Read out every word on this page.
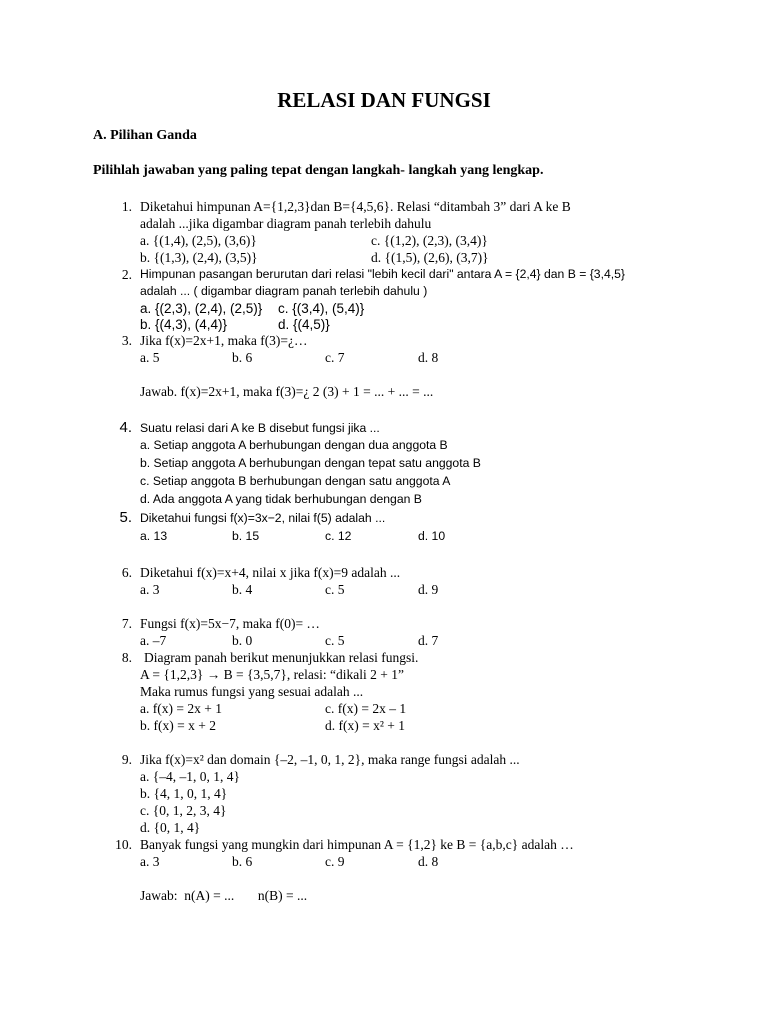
RELASI DAN FUNGSI
A. Pilihan Ganda
Pilihlah jawaban yang paling tepat dengan langkah- langkah yang lengkap.
1. Diketahui himpunan A={1,2,3}dan B={4,5,6}. Relasi “ditambah 3” dari A ke B
adalah ...jika digambar diagram panah terlebih dahulu
a. {(1,4), (2,5), (3,6)}	c. {(1,2), (2,3), (3,4)}
b. {(1,3), (2,4), (3,5)}	d. {(1,5), (2,6), (3,7)}
2. Himpunan pasangan berurutan dari relasi "lebih kecil dari" antara A = {2,4} dan B = {3,4,5}
adalah ... ( digambar diagram panah terlebih dahulu )
a. {(2,3), (2,4), (2,5)} c. {(3,4), (5,4)}
b. {(4,3), (4,4)}	d. {(4,5)}
3. Jika f(x)=2x+1, maka f(3)=¿…
a. 5	b. 6	c. 7	d. 8
Jawab. f(x)=2x+1, maka f(3)=¿ 2 (3) + 1 = ... + ... = ...
4. Suatu relasi dari A ke B disebut fungsi jika ...
a. Setiap anggota A berhubungan dengan dua anggota B
b. Setiap anggota A berhubungan dengan tepat satu anggota B
c. Setiap anggota B berhubungan dengan satu anggota A
d. Ada anggota A yang tidak berhubungan dengan B
5. Diketahui fungsi f(x)=3x−2, nilai f(5) adalah ...
a. 13	b. 15	c. 12	d. 10
6. Diketahui f(x)=x+4, nilai x jika f(x)=9 adalah ...
a. 3	b. 4	c. 5	d. 9
7. Fungsi f(x)=5x−7, maka f(0)= …
a. –7	b. 0	c. 5	d. 7
8. Diagram panah berikut menunjukkan relasi fungsi.
A = {1,2,3} → B = {3,5,7}, relasi: “dikali 2 + 1”
Maka rumus fungsi yang sesuai adalah ...
a. f(x) = 2x + 1	c. f(x) = 2x – 1
b. f(x) = x + 2	d. f(x) = x² + 1
9. Jika f(x)=x² dan domain {–2, –1, 0, 1, 2}, maka range fungsi adalah ...
a. {–4, –1, 0, 1, 4}
b. {4, 1, 0, 1, 4}
c. {0, 1, 2, 3, 4}
d. {0, 1, 4}
10. Banyak fungsi yang mungkin dari himpunan A = {1,2} ke B = {a,b,c} adalah …
a. 3	b. 6	c. 9	d. 8
Jawab:  n(A) = ...       n(B) = ...
